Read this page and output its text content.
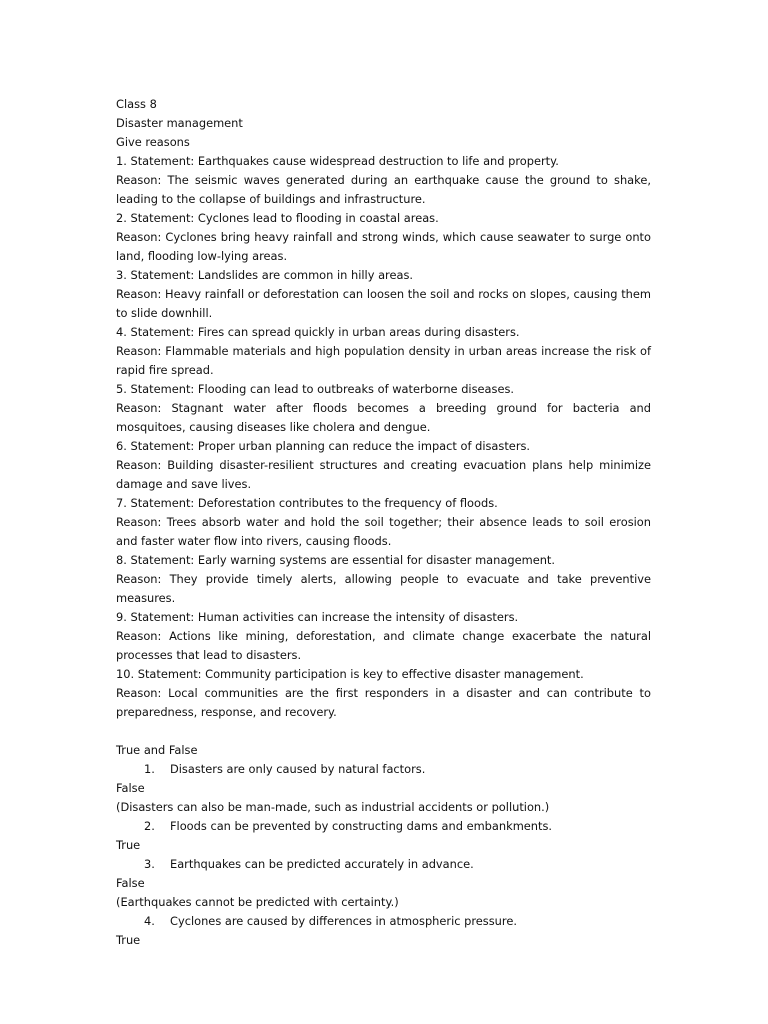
Class 8
Disaster management
Give reasons
1. Statement: Earthquakes cause widespread destruction to life and property.
Reason: The seismic waves generated during an earthquake cause the ground to shake, leading to the collapse of buildings and infrastructure.
2. Statement: Cyclones lead to flooding in coastal areas.
Reason: Cyclones bring heavy rainfall and strong winds, which cause seawater to surge onto land, flooding low-lying areas.
3. Statement: Landslides are common in hilly areas.
Reason: Heavy rainfall or deforestation can loosen the soil and rocks on slopes, causing them to slide downhill.
4. Statement: Fires can spread quickly in urban areas during disasters.
Reason: Flammable materials and high population density in urban areas increase the risk of rapid fire spread.
5. Statement: Flooding can lead to outbreaks of waterborne diseases.
Reason: Stagnant water after floods becomes a breeding ground for bacteria and mosquitoes, causing diseases like cholera and dengue.
6. Statement: Proper urban planning can reduce the impact of disasters.
Reason: Building disaster-resilient structures and creating evacuation plans help minimize damage and save lives.
7. Statement: Deforestation contributes to the frequency of floods.
Reason: Trees absorb water and hold the soil together; their absence leads to soil erosion and faster water flow into rivers, causing floods.
8. Statement: Early warning systems are essential for disaster management.
Reason: They provide timely alerts, allowing people to evacuate and take preventive measures.
9. Statement: Human activities can increase the intensity of disasters.
Reason: Actions like mining, deforestation, and climate change exacerbate the natural processes that lead to disasters.
10. Statement: Community participation is key to effective disaster management.
Reason: Local communities are the first responders in a disaster and can contribute to preparedness, response, and recovery.
True and False
1.	Disasters are only caused by natural factors.
False
(Disasters can also be man-made, such as industrial accidents or pollution.)
2.	Floods can be prevented by constructing dams and embankments.
True
3.	Earthquakes can be predicted accurately in advance.
False
(Earthquakes cannot be predicted with certainty.)
4.	Cyclones are caused by differences in atmospheric pressure.
True
